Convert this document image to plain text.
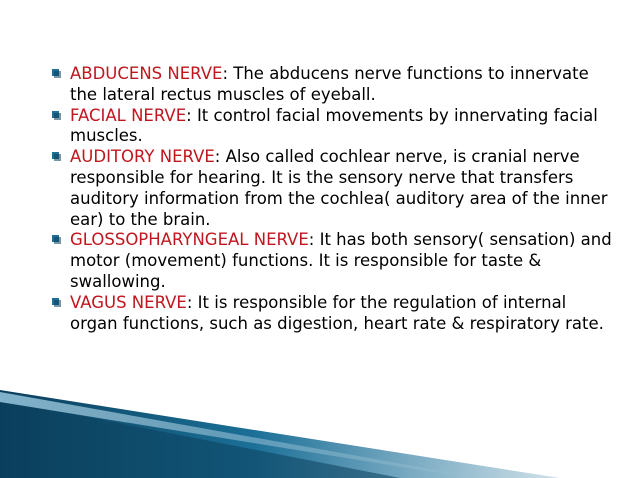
ABDUCENS NERVE: The abducens nerve functions to innervate the lateral rectus muscles of eyeball.
FACIAL NERVE: It control facial movements by innervating facial muscles.
AUDITORY NERVE: Also called cochlear nerve, is cranial nerve responsible for hearing. It is the sensory nerve that transfers auditory information from the cochlea( auditory area of the inner ear) to the brain.
GLOSSOPHARYNGEAL NERVE: It has both sensory( sensation) and motor (movement) functions. It is responsible for taste & swallowing.
VAGUS NERVE: It is responsible for the regulation of internal organ functions, such as digestion, heart rate & respiratory rate.
